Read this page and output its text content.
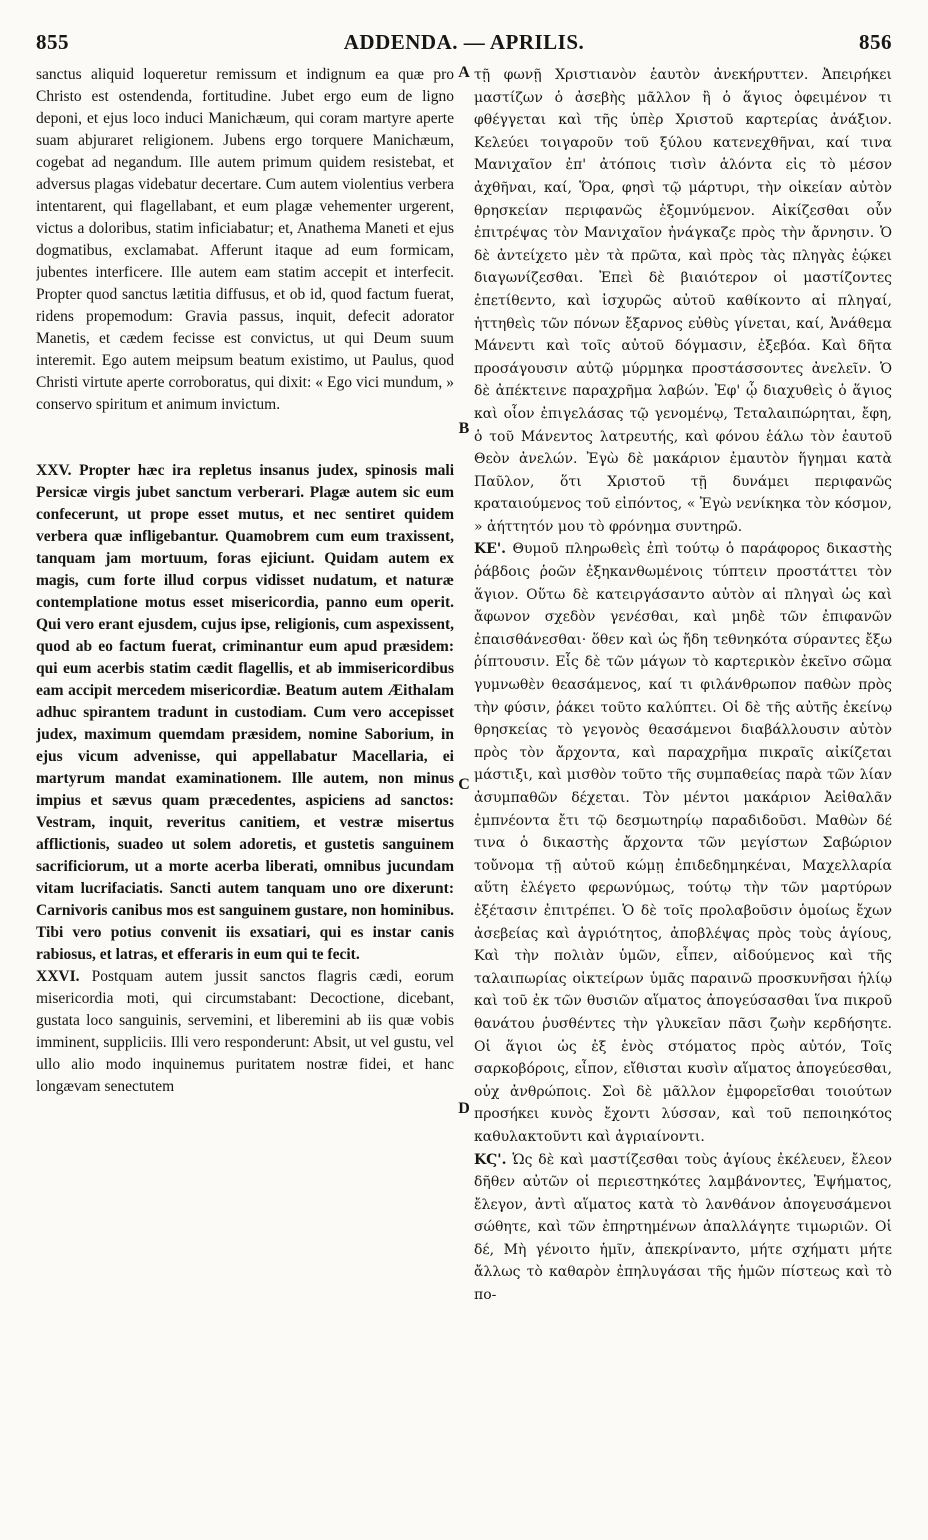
855	ADDENDA. — APRILIS.	856
A
B
C
D

sanctus aliquid loqueretur remissum et indignum ea quæ pro Christo est ostendenda, fortitudine. Jubet ergo eum de ligno deponi, et ejus loco induci Manichæum, qui coram martyre aperte suam abjuraret religionem. Jubens ergo torquere Manichæum, cogebat ad negandum. Ille autem primum quidem resistebat, et adversus plagas videbatur decertare. Cum autem violentius verbera intentarent, qui flagellabant, et eum plagæ vehementer urgerent, victus a doloribus, statim inficiabatur; et, Anathema Maneti et ejus dogmatibus, exclamabat. Afferunt itaque ad eum formicam, jubentes interficere. Ille autem eam statim accepit et interfecit. Propter quod sanctus lætitia diffusus, et ob id, quod factum fuerat, ridens propemodum: Gravia passus, inquit, defecit adorator Manetis, et cædem fecisse est convictus, ut qui Deum suum interemit. Ego autem meipsum beatum existimo, ut Paulus, quod Christi virtute aperte corroboratus, qui dixit: « Ego vici mundum, » conservo spiritum et animum invictum.

XXV. Propter hæc ira repletus insanus judex, spinosis mali Persicæ virgis jubet sanctum verberari. Plagæ autem sic eum confecerunt, ut prope esset mutus, et nec sentiret quidem verbera quæ infligebantur. Quamobrem cum eum traxissent, tanquam jam mortuum, foras ejiciunt. Quidam autem ex magis, cum forte illud corpus vidisset nudatum, et naturæ contemplatione motus esset misericordia, panno eum operit. Qui vero erant ejusdem, cujus ipse, religionis, cum aspexissent, quod ab eo factum fuerat, criminantur eum apud præsidem: qui eum acerbis statim cædit flagellis, et ab immisericordibus eam accipit mercedem misericordiæ. Beatum autem Æithalam adhuc spirantem tradunt in custodiam. Cum vero accepisset judex, maximum quemdam præsidem, nomine Saborium, in ejus vicum advenisse, qui appellabatur Macellaria, ei martyrum mandat examinationem. Ille autem, non minus impius et sævus quam præcedentes, aspiciens ad sanctos: Vestram, inquit, reveritus canitiem, et vestræ misertus afflictionis, suadeo ut solem adoretis, et gustetis sanguinem sacrificiorum, ut a morte acerba liberati, omnibus jucundam vitam lucrifaciatis. Sancti autem tanquam uno ore dixerunt: Carnivoris canibus mos est sanguinem gustare, non hominibus. Tibi vero potius convenit iis exsatiari, qui es instar canis rabiosus, et latras, et efferaris in eum qui te fecit.

XXVI. Postquam autem jussit sanctos flagris cædi, eorum misericordia moti, qui circumstabant: Decoctione, dicebant, gustata loco sanguinis, servemini, et liberemini ab iis quæ vobis imminent, suppliciis. Illi vero responderunt: Absit, ut vel gustu, vel ullo alio modo inquinemus puritatem nostræ fidei, et hanc longævam senectutem

τῇ φωνῇ Χριστιανὸν ἑαυτὸν ἀνεκήρυττεν. Ἀπειρήκει μαστίζων ὁ ἀσεβὴς μᾶλλον ἢ ὁ ἅγιος ὀφειμένον τι φθέγγεται καὶ τῆς ὑπὲρ Χριστοῦ καρτερίας ἀνάξιον. Κελεύει τοιγαροῦν τοῦ ξύλου κατενεχθῆναι, καί τινα Μανιχαῖον ἐπ' ἀτόποις τισὶν ἁλόντα εἰς τὸ μέσον ἀχθῆναι, καί, Ὅρα, φησὶ τῷ μάρτυρι, τὴν οἰκείαν αὐτὸν θρησκείαν περιφανῶς ἐξομνύμενον. Αἰκίζεσθαι οὖν ἐπιτρέψας τὸν Μανιχαῖον ἠνάγκαζε πρὸς τὴν ἄρνησιν. Ὁ δὲ ἀντείχετο μὲν τὰ πρῶτα, καὶ πρὸς τὰς πληγὰς ἐῴκει διαγωνίζεσθαι. Ἐπεὶ δὲ βιαιότερον οἱ μαστίζοντες ἐπετίθεντο, καὶ ἰσχυρῶς αὐτοῦ καθίκοντο αἱ πληγαί, ἡττηθεὶς τῶν πόνων ἔξαρνος εὐθὺς γίνεται, καί, Ἀνάθεμα Μάνεντι καὶ τοῖς αὐτοῦ δόγμασιν, ἐξεβόα. Καὶ δῆτα προσάγουσιν αὐτῷ μύρμηκα προστάσσοντες ἀνελεῖν. Ὁ δὲ ἀπέκτεινε παραχρῆμα λαβών. Ἐφ' ᾧ διαχυθεὶς ὁ ἅγιος καὶ οἷον ἐπιγελάσας τῷ γενομένῳ, Τεταλαιπώρηται, ἔφη, ὁ τοῦ Μάνεντος λατρευτής, καὶ φόνου ἑάλω τὸν ἑαυτοῦ Θεὸν ἀνελών. Ἐγὼ δὲ μακάριον ἐμαυτὸν ἥγημαι κατὰ Παῦλον, ὅτι Χριστοῦ τῇ δυνάμει περιφανῶς κραταιούμενος τοῦ εἰπόντος, « Ἐγὼ νενίκηκα τὸν κόσμον, » ἀήττητόν μου τὸ φρόνημα συντηρῶ.

ΚΕ'. Θυμοῦ πληρωθεὶς ἐπὶ τούτῳ ὁ παράφορος δικαστὴς ῥάβδοις ῥοῶν ἐξηκανθωμένοις τύπτειν προστάττει τὸν ἅγιον. Οὕτω δὲ κατειργάσαντο αὐτὸν αἱ πληγαὶ ὡς καὶ ἄφωνον σχεδὸν γενέσθαι, καὶ μηδὲ τῶν ἐπιφανῶν ἐπαισθάνεσθαι· ὅθεν καὶ ὡς ἤδη τεθνηκότα σύραντες ἔξω ῥίπτουσιν. Εἷς δὲ τῶν μάγων τὸ καρτερικὸν ἐκεῖνο σῶμα γυμνωθὲν θεασάμενος, καί τι φιλάνθρωπον παθὼν πρὸς τὴν φύσιν, ῥάκει τοῦτο καλύπτει. Οἱ δὲ τῆς αὐτῆς ἐκείνῳ θρησκείας τὸ γεγονὸς θεασάμενοι διαβάλλουσιν αὐτὸν πρὸς τὸν ἄρχοντα, καὶ παραχρῆμα πικραῖς αἰκίζεται μάστιξι, καὶ μισθὸν τοῦτο τῆς συμπαθείας παρὰ τῶν λίαν ἀσυμπαθῶν δέχεται. Τὸν μέντοι μακάριον Ἀεἰθαλᾶν ἐμπνέοντα ἔτι τῷ δεσμωτηρίῳ παραδιδοῦσι. Μαθὼν δέ τινα ὁ δικαστὴς ἄρχοντα τῶν μεγίστων Σαβώριον τοὔνομα τῇ αὐτοῦ κώμῃ ἐπιδεδημηκέναι, Μαχελλαρία αὕτη ἐλέγετο φερωνύμως, τούτῳ τὴν τῶν μαρτύρων ἐξέτασιν ἐπιτρέπει. Ὁ δὲ τοῖς προλαβοῦσιν ὁμοίως ἔχων ἀσεβείας καὶ ἀγριότητος, ἀποβλέψας πρὸς τοὺς ἁγίους, Καὶ τὴν πολιὰν ὑμῶν, εἶπεν, αἰδούμενος καὶ τῆς ταλαιπωρίας οἰκτείρων ὑμᾶς παραινῶ προσκυνῆσαι ἡλίῳ καὶ τοῦ ἐκ τῶν θυσιῶν αἵματος ἀπογεύσασθαι ἵνα πικροῦ θανάτου ῥυσθέντες τὴν γλυκεῖαν πᾶσι ζωὴν κερδήσητε. Οἱ ἅγιοι ὡς ἐξ ἑνὸς στόματος πρὸς αὐτόν, Τοῖς σαρκοβόροις, εἶπον, εἴθισται κυσὶν αἵματος ἀπογεύεσθαι, οὐχ ἀνθρώποις. Σοὶ δὲ μᾶλλον ἐμφορεῖσθαι τοιούτων προσήκει κυνὸς ἔχοντι λύσσαν, καὶ τοῦ πεποιηκότος καθυλακτοῦντι καὶ ἀγριαίνοντι.

ΚϚ'. Ὡς δὲ καὶ μαστίζεσθαι τοὺς ἁγίους ἐκέλευεν, ἔλεον δῆθεν αὐτῶν οἱ περιεστηκότες λαμβάνοντες, Ἑψήματος, ἔλεγον, ἀντὶ αἵματος κατὰ τὸ λανθάνον ἀπογευσάμενοι σώθητε, καὶ τῶν ἐπηρτημένων ἀπαλλάγητε τιμωριῶν. Οἱ δέ, Μὴ γένοιτο ἡμῖν, ἀπεκρίναντο, μήτε σχήματι μήτε ἄλλως τὸ καθαρὸν ἐπηλυγάσαι τῆς ἡμῶν πίστεως καὶ τὸ πο-
